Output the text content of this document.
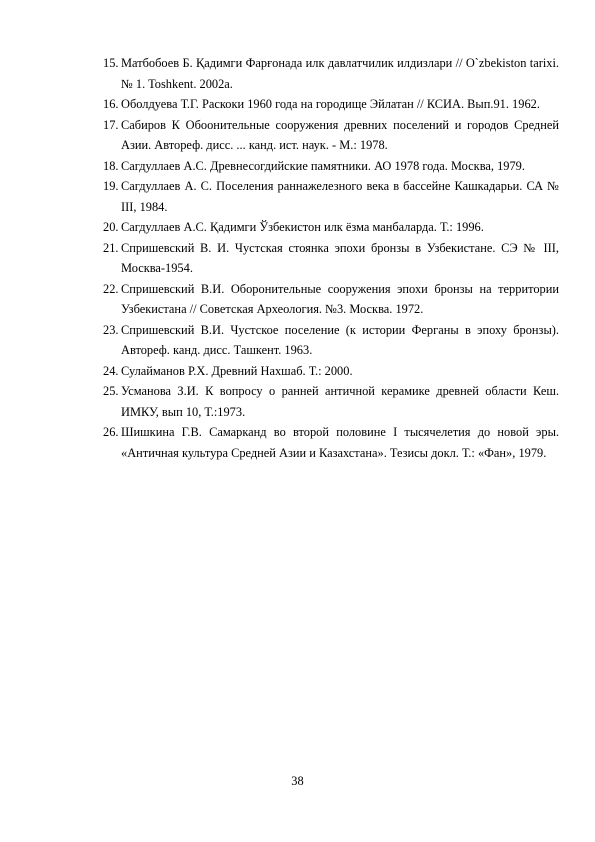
15. Матбобоев Б. Қадимги Фарғонада илк давлатчилик илдизлари // O`zbekiston tarixi. № 1. Toshkent. 2002а.
16. Оболдуева Т.Г. Раскоки 1960 года на городище Эйлатан // КСИА. Вып.91. 1962.
17. Сабиров К Обоонительные сооружения древних поселений и городов Средней Азии. Автореф. дисс. ... канд. ист. наук. - М.: 1978.
18. Сагдуллаев А.С. Древнесогдийские памятники. АО 1978 года. Москва, 1979.
19. Сагдуллаев А. С. Поселения раннажелезного века в бассейне Кашкадарьи. СА № III, 1984.
20. Сагдуллаев А.С. Қадимги Ўзбекистон илк ёзма манбаларда. Т.: 1996.
21. Спришевский В. И. Чустская стоянка эпохи бронзы в Узбекистане. СЭ № III, Москва-1954.
22. Спришевский В.И. Оборонительные сооружения эпохи бронзы на территории Узбекистана // Советская Археология. №3. Москва. 1972.
23. Спришевский В.И. Чустское поселение (к истории Ферганы в эпоху бронзы). Автореф. канд. дисс. Ташкент. 1963.
24. Сулайманов Р.Х. Древний Нахшаб. Т.: 2000.
25. Усманова З.И. К вопросу о ранней античной керамике древней области Кеш. ИМКУ, вып 10, Т.:1973.
26. Шишкина Г.В. Самарканд во второй половине I тысячелетия до новой эры. «Античная культура Средней Азии и Казахстана». Тезисы докл. Т.: «Фан», 1979.
38
